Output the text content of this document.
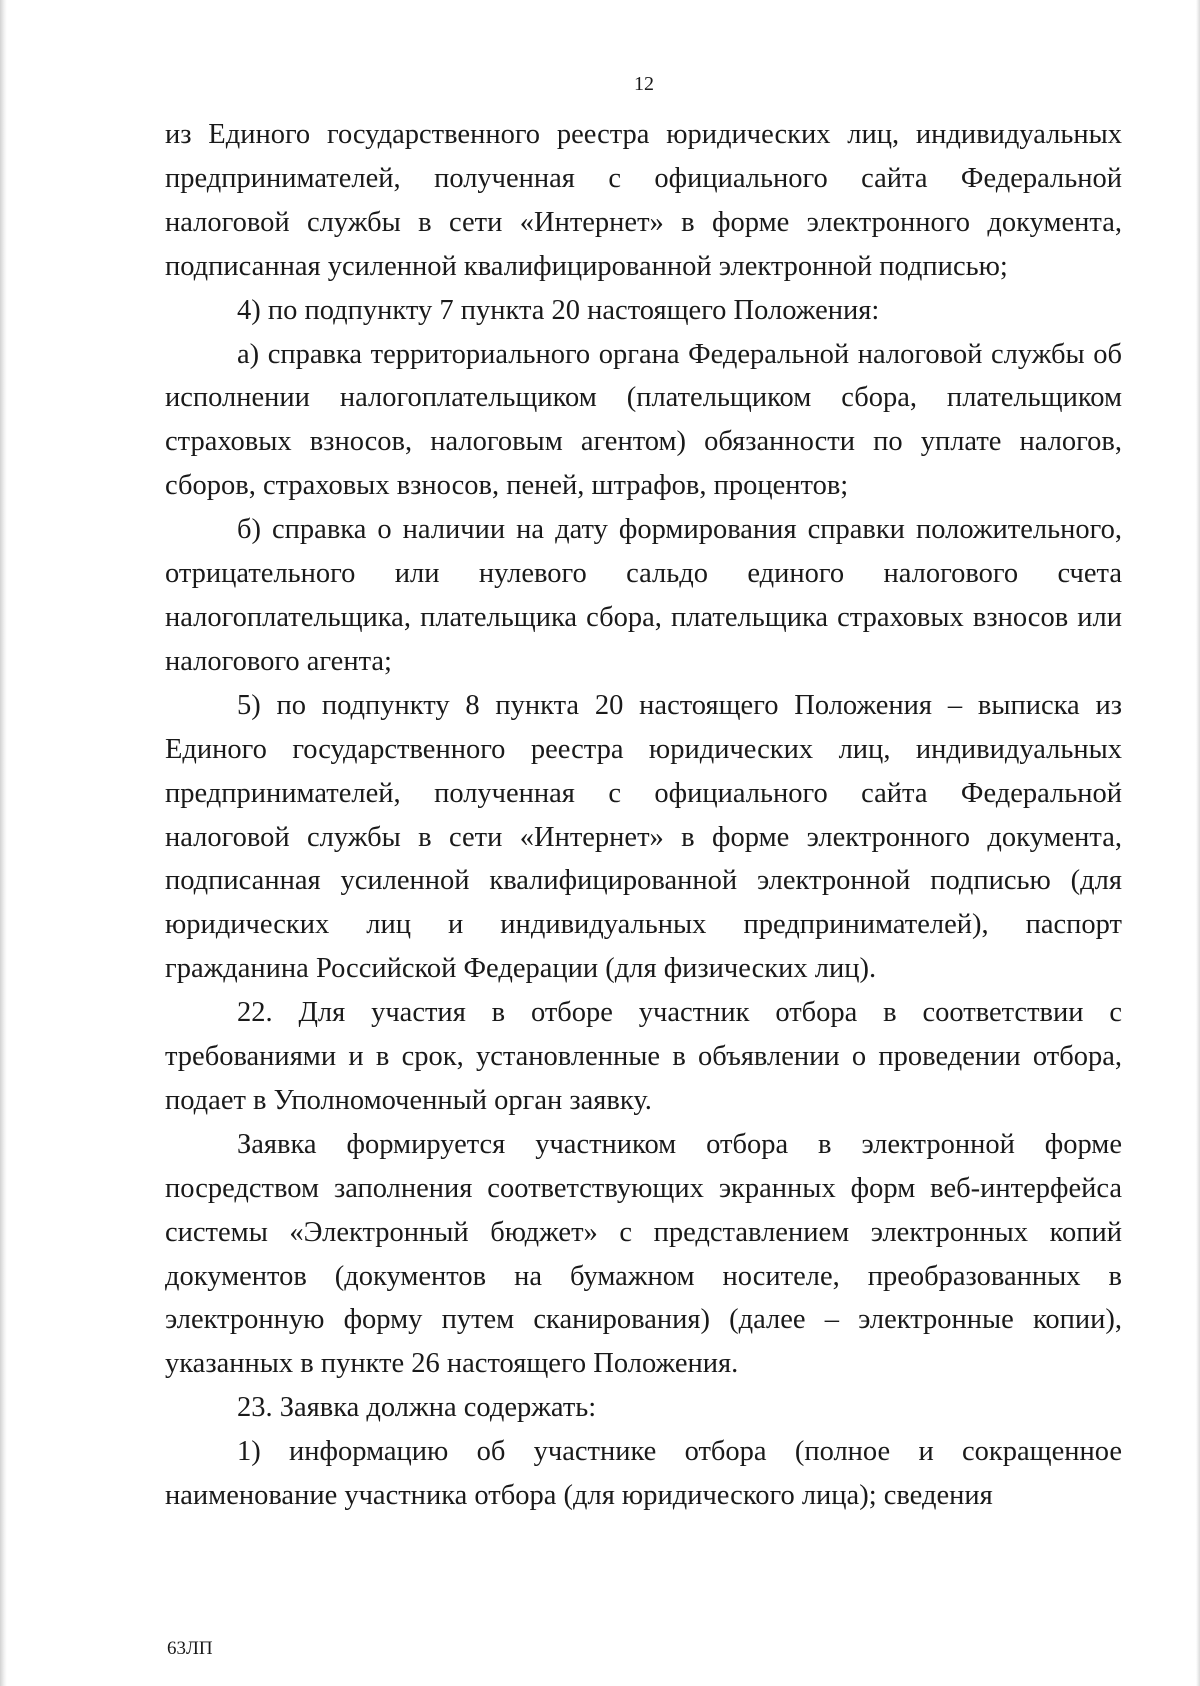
12

из Единого государственного реестра юридических лиц, индивидуальных предпринимателей, полученная с официального сайта Федеральной налоговой службы в сети «Интернет» в форме электронного документа, подписанная усиленной квалифицированной электронной подписью;

4) по подпункту 7 пункта 20 настоящего Положения:

а) справка территориального органа Федеральной налоговой службы об исполнении налогоплательщиком (плательщиком сбора, плательщиком страховых взносов, налоговым агентом) обязанности по уплате налогов, сборов, страховых взносов, пеней, штрафов, процентов;

б) справка о наличии на дату формирования справки положительного, отрицательного или нулевого сальдо единого налогового счета налогоплательщика, плательщика сбора, плательщика страховых взносов или налогового агента;

5) по подпункту 8 пункта 20 настоящего Положения – выписка из Единого государственного реестра юридических лиц, индивидуальных предпринимателей, полученная с официального сайта Федеральной налоговой службы в сети «Интернет» в форме электронного документа, подписанная усиленной квалифицированной электронной подписью (для юридических лиц и индивидуальных предпринимателей), паспорт гражданина Российской Федерации (для физических лиц).

22. Для участия в отборе участник отбора в соответствии с требованиями и в срок, установленные в объявлении о проведении отбора, подает в Уполномоченный орган заявку.

Заявка формируется участником отбора в электронной форме посредством заполнения соответствующих экранных форм веб-интерфейса системы «Электронный бюджет» с представлением электронных копий документов (документов на бумажном носителе, преобразованных в электронную форму путем сканирования) (далее – электронные копии), указанных в пункте 26 настоящего Положения.

23. Заявка должна содержать:

1) информацию об участнике отбора (полное и сокращенное наименование участника отбора (для юридического лица); сведения

63ЛП
